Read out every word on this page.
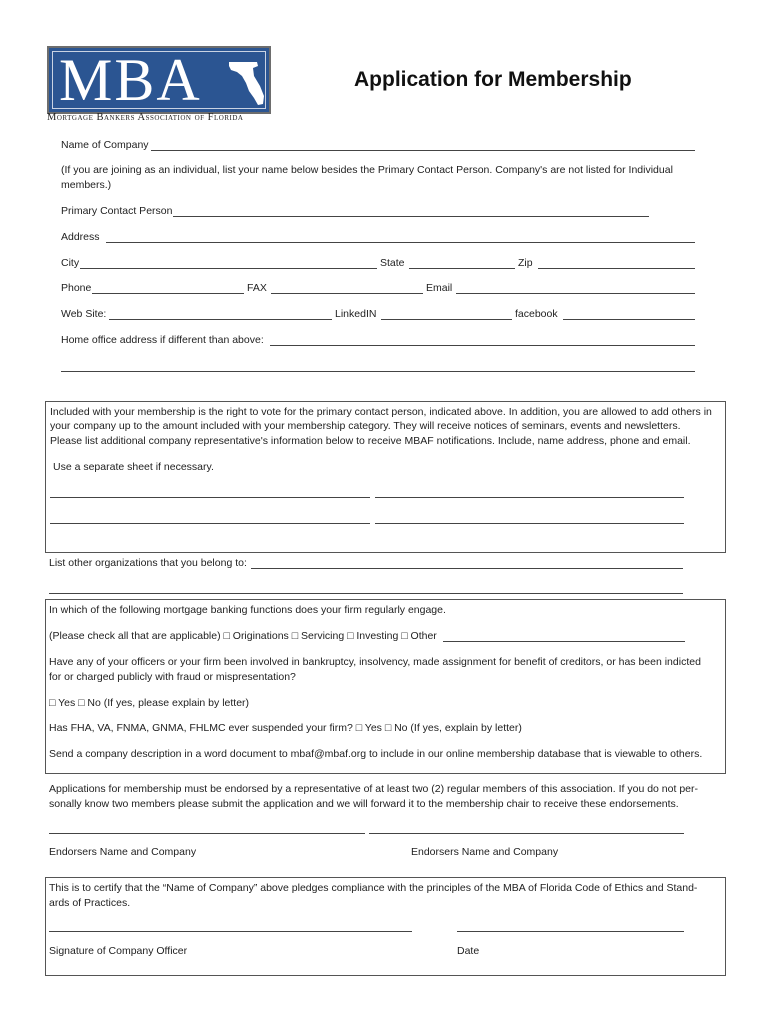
MBA
Mortgage Bankers Association of Florida
Application for Membership
Name of Company
(If you are joining as an individual, list your name below besides the Primary Contact Person. Company's are not listed for Individual
members.)
Primary Contact Person
Address
City	State	Zip
Phone	FAX	Email
Web Site:	LinkedIN	facebook
Home office address if different than above:
Included with your membership is the right to vote for the primary contact person, indicated above. In addition, you are allowed to add others in
your company up to the amount included with your membership category. They will receive notices of seminars, events and newsletters.
Please list additional company representative's information below to receive MBAF notifications. Include, name address, phone and email.
Use a separate sheet if necessary.
List other organizations that you belong to:
In which of the following mortgage banking functions does your firm regularly engage.
(Please check all that are applicable) □ Originations □ Servicing □ Investing □ Other
Have any of your officers or your firm been involved in bankruptcy, insolvency, made assignment for benefit of creditors, or has been indicted
for or charged publicly with fraud or mispresentation?
□ Yes □ No (If yes, please explain by letter)
Has FHA, VA, FNMA, GNMA, FHLMC ever suspended your firm? □ Yes □ No (If yes, explain by letter)
Send a company description in a word document to mbaf@mbaf.org to include in our online membership database that is viewable to others.
Applications for membership must be endorsed by a representative of at least two (2) regular members of this association. If you do not per-
sonally know two members please submit the application and we will forward it to the membership chair to receive these endorsements.
Endorsers Name and Company	Endorsers Name and Company
This is to certify that the “Name of Company” above pledges compliance with the principles of the MBA of Florida Code of Ethics and Stand-
ards of Practices.
Signature of Company Officer	Date
